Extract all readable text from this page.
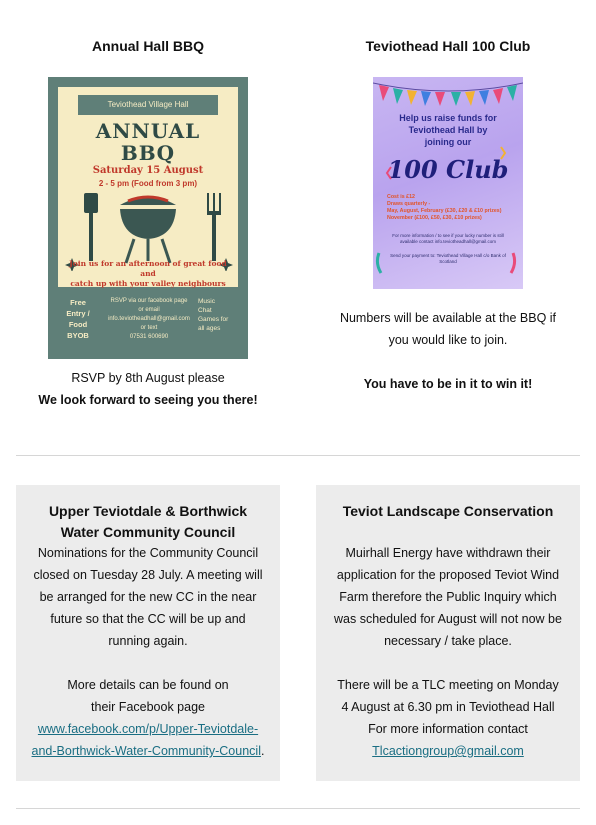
Annual Hall BBQ
Teviothead Village Hall
ANNUAL
BBQ
Saturday 15 August
2 - 5 pm (Food from 3 pm)
Join us for an afternoon of great food and
catch up with your valley neighbours
Free
Entry / Food
BYOB
RSVP via our facebook page
or email
info.teviotheadhall@gmail.com
or text
07531 600690
Music
Chat
Games for
all ages
RSVP by 8th August please
We look forward to seeing you there!
Teviothead Hall 100 Club
Help us raise funds for
Teviothead Hall by
joining our
100 Club
Cost is £12
Draws quarterly -
May, August, February (£30, £20 & £10 prizes)
November (£100, £50, £30, £10 prizes)
For more information / to see if your lucky number is still available contact info.teviotheadhall@gmail.com
Send your payment to: Teviothead Village Hall c/o Bank of Scotland
Numbers will be available at the BBQ if
you would like to join.
You have to be in it to win it!
Upper Teviotdale & Borthwick
Water Community Council
Nominations for the Community Council
closed on Tuesday 28 July. A meeting will
be arranged for the new CC in the near
future so that the CC will be up and
running again.
More details can be found on
their Facebook page
www.facebook.com/p/Upper-Teviotdale-
and-Borthwick-Water-Community-Council.
Teviot Landscape Conservation
Muirhall Energy have withdrawn their
application for the proposed Teviot Wind
Farm therefore the Public Inquiry which
was scheduled for August will not now be
necessary / take place.
There will be a TLC meeting on Monday
4 August at 6.30 pm in Teviothead Hall
For more information contact
Tlcactiongroup@gmail.com
